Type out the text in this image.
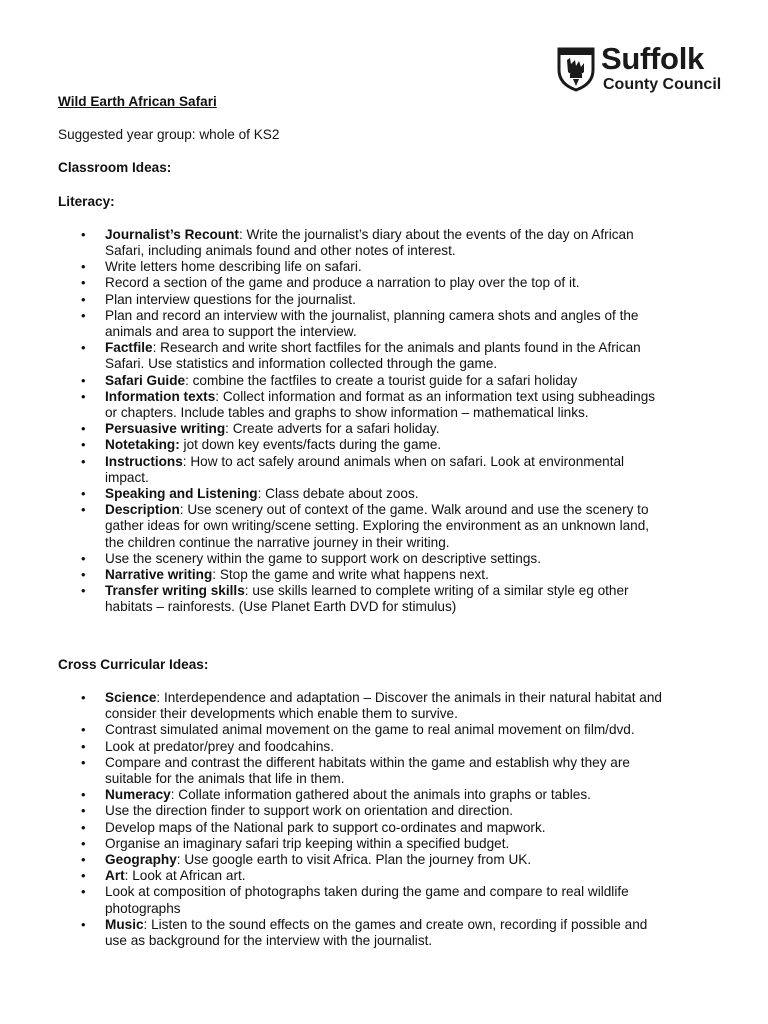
Suffolk
County Council

Wild Earth African Safari

Suggested year group: whole of KS2

Classroom Ideas:

Literacy:

• Journalist’s Recount: Write the journalist’s diary about the events of the day on African Safari, including animals found and other notes of interest.
• Write letters home describing life on safari.
• Record a section of the game and produce a narration to play over the top of it.
• Plan interview questions for the journalist.
• Plan and record an interview with the journalist, planning camera shots and angles of the animals and area to support the interview.
• Factfile: Research and write short factfiles for the animals and plants found in the African Safari. Use statistics and information collected through the game.
• Safari Guide: combine the factfiles to create a tourist guide for a safari holiday
• Information texts: Collect information and format as an information text using subheadings or chapters. Include tables and graphs to show information – mathematical links.
• Persuasive writing: Create adverts for a safari holiday.
• Notetaking: jot down key events/facts during the game.
• Instructions: How to act safely around animals when on safari. Look at environmental impact.
• Speaking and Listening: Class debate about zoos.
• Description: Use scenery out of context of the game. Walk around and use the scenery to gather ideas for own writing/scene setting. Exploring the environment as an unknown land, the children continue the narrative journey in their writing.
• Use the scenery within the game to support work on descriptive settings.
• Narrative writing: Stop the game and write what happens next.
• Transfer writing skills: use skills learned to complete writing of a similar style eg other habitats – rainforests. (Use Planet Earth DVD for stimulus)

Cross Curricular Ideas:

• Science: Interdependence and adaptation – Discover the animals in their natural habitat and consider their developments which enable them to survive.
• Contrast simulated animal movement on the game to real animal movement on film/dvd.
• Look at predator/prey and foodcahins.
• Compare and contrast the different habitats within the game and establish why they are suitable for the animals that life in them.
• Numeracy: Collate information gathered about the animals into graphs or tables.
• Use the direction finder to support work on orientation and direction.
• Develop maps of the National park to support co-ordinates and mapwork.
• Organise an imaginary safari trip keeping within a specified budget.
• Geography: Use google earth to visit Africa. Plan the journey from UK.
• Art: Look at African art.
• Look at composition of photographs taken during the game and compare to real wildlife photographs
• Music: Listen to the sound effects on the games and create own, recording if possible and use as background for the interview with the journalist.
